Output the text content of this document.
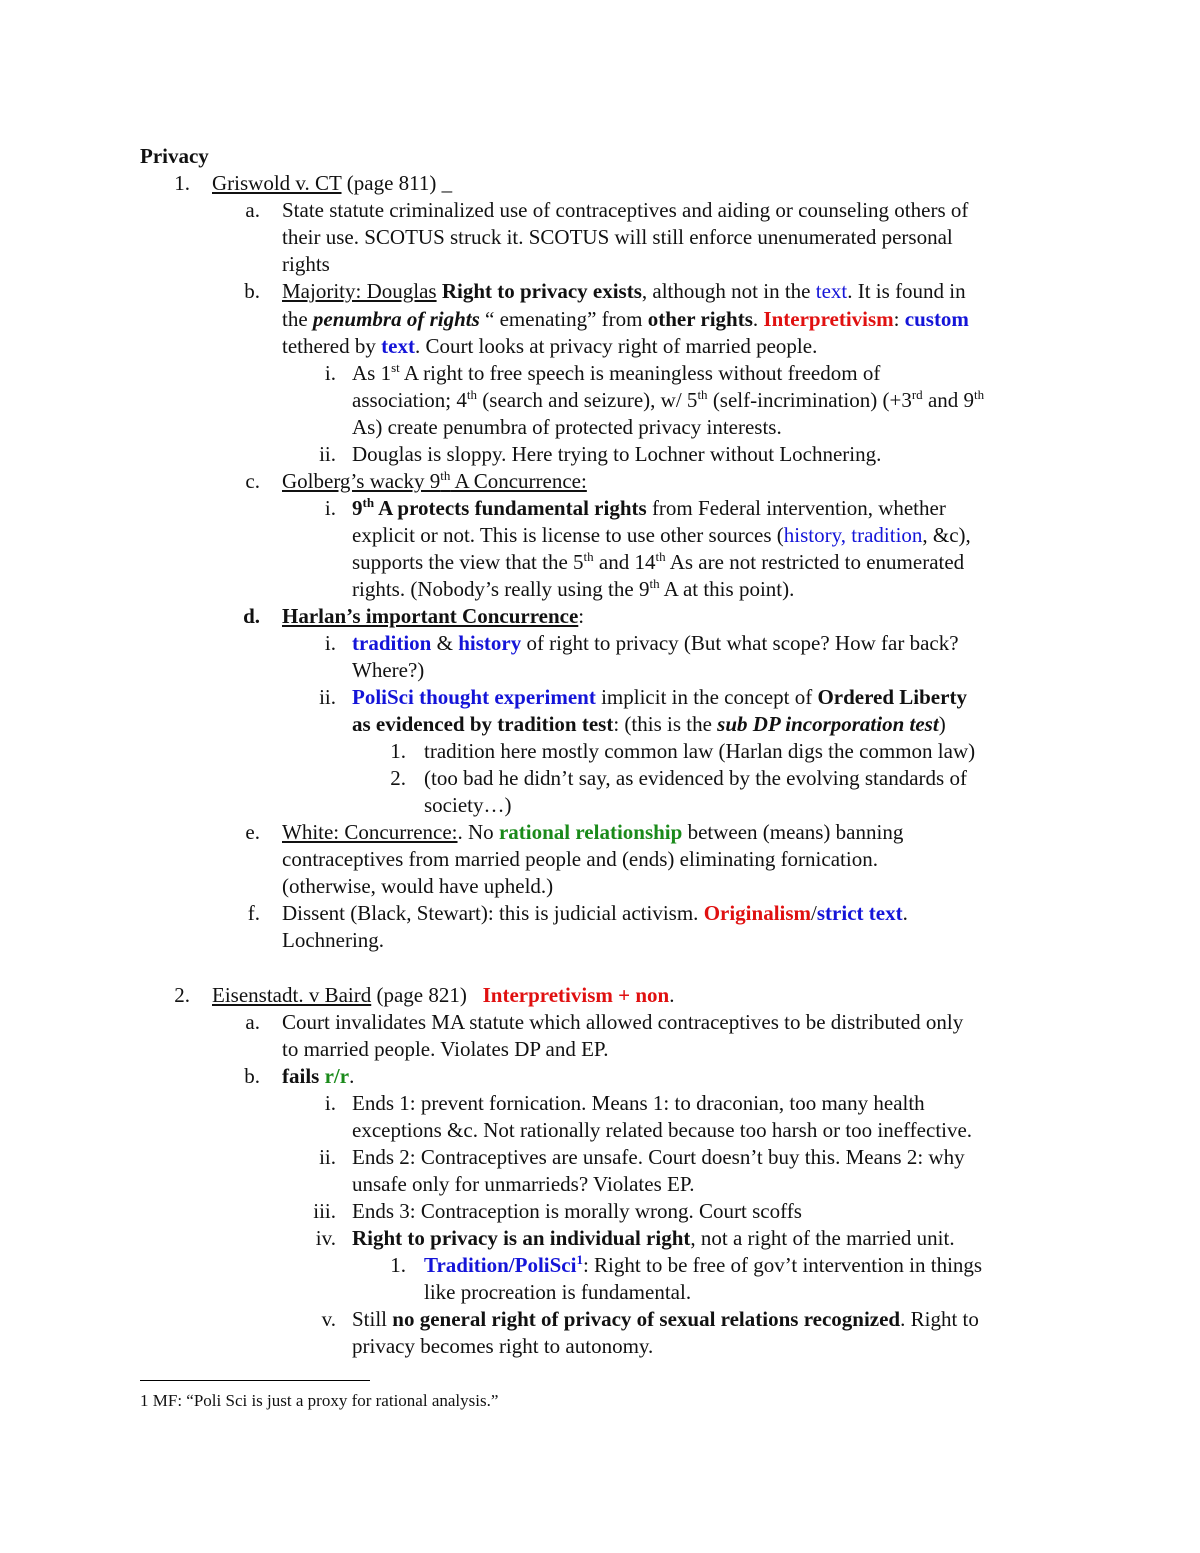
Privacy
1. Griswold v. CT (page 811) _
a. State statute criminalized use of contraceptives and aiding or counseling others of
their use. SCOTUS struck it. SCOTUS will still enforce unenumerated personal
rights
b. Majority: Douglas Right to privacy exists, although not in the text. It is found in
the penumbra of rights “ emenating” from other rights. Interpretivism: custom
tethered by text. Court looks at privacy right of married people.
i. As 1st A right to free speech is meaningless without freedom of
association; 4th (search and seizure), w/ 5th (self-incrimination) (+3rd and 9th
As) create penumbra of protected privacy interests.
ii. Douglas is sloppy. Here trying to Lochner without Lochnering.
c. Golberg’s wacky 9th A Concurrence:
i. 9th A protects fundamental rights from Federal intervention, whether
explicit or not. This is license to use other sources (history, tradition, &c),
supports the view that the 5th and 14th As are not restricted to enumerated
rights. (Nobody’s really using the 9th A at this point).
d. Harlan’s important Concurrence:
i. tradition & history of right to privacy (But what scope? How far back?
Where?)
ii. PoliSci thought experiment implicit in the concept of Ordered Liberty
as evidenced by tradition test: (this is the sub DP incorporation test)
1. tradition here mostly common law (Harlan digs the common law)
2. (too bad he didn’t say, as evidenced by the evolving standards of
society…)
e. White: Concurrence:. No rational relationship between (means) banning
contraceptives from married people and (ends) eliminating fornication.
(otherwise, would have upheld.)
f. Dissent (Black, Stewart): this is judicial activism. Originalism/strict text.
Lochnering.
2. Eisenstadt. v Baird (page 821)   Interpretivism + non.
a. Court invalidates MA statute which allowed contraceptives to be distributed only
to married people. Violates DP and EP.
b. fails r/r.
i. Ends 1: prevent fornication. Means 1: to draconian, too many health
exceptions &c. Not rationally related because too harsh or too ineffective.
ii. Ends 2: Contraceptives are unsafe. Court doesn’t buy this. Means 2: why
unsafe only for unmarrieds? Violates EP.
iii. Ends 3: Contraception is morally wrong. Court scoffs
iv. Right to privacy is an individual right, not a right of the married unit.
1. Tradition/PoliSci$^1$: Right to be free of gov’t intervention in things
like procreation is fundamental.
v. Still no general right of privacy of sexual relations recognized. Right to
privacy becomes right to autonomy.
1 MF: “Poli Sci is just a proxy for rational analysis.”
